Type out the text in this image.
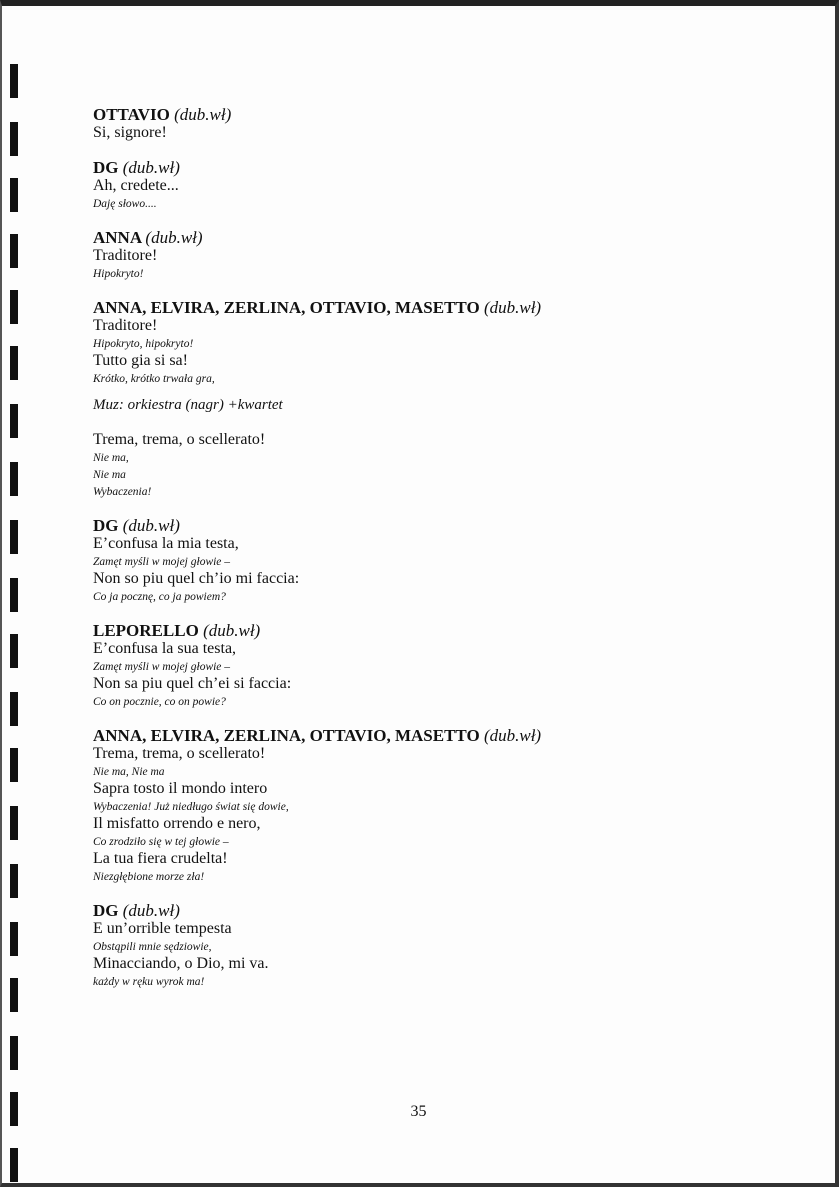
OTTAVIO (dub.wł)
Si, signore!
DG (dub.wł)
Ah, credete...
Daję słowo....
ANNA (dub.wł)
Traditore!
Hipokryto!
ANNA, ELVIRA, ZERLINA, OTTAVIO, MASETTO (dub.wł)
Traditore!
Hipokryto, hipokryto!
Tutto gia si sa!
Krótko, krótko trwała gra,
Muz: orkiestra (nagr) +kwartet
Trema, trema, o scellerato!
Nie ma,
Nie ma
Wybaczenia!
DG (dub.wł)
E’confusa la mia testa,
Zamęt myśli w mojej głowie –
Non so piu quel ch’io mi faccia:
Co ja pocznę, co ja powiem?
LEPORELLO (dub.wł)
E’confusa la sua testa,
Zamęt myśli w mojej głowie –
Non sa piu quel ch’ei si faccia:
Co on pocznie, co on powie?
ANNA, ELVIRA, ZERLINA, OTTAVIO, MASETTO (dub.wł)
Trema, trema, o scellerato!
Nie ma, Nie ma
Sapra tosto il mondo intero
Wybaczenia! Już niedługo świat się dowie,
Il misfatto orrendo e nero,
Co zrodziło się w tej głowie –
La tua fiera crudelta!
Niezgłębione morze zła!
DG (dub.wł)
E un’orrible tempesta
Obstąpili mnie sędziowie,
Minacciando, o Dio, mi va.
każdy w ręku wyrok ma!
35
